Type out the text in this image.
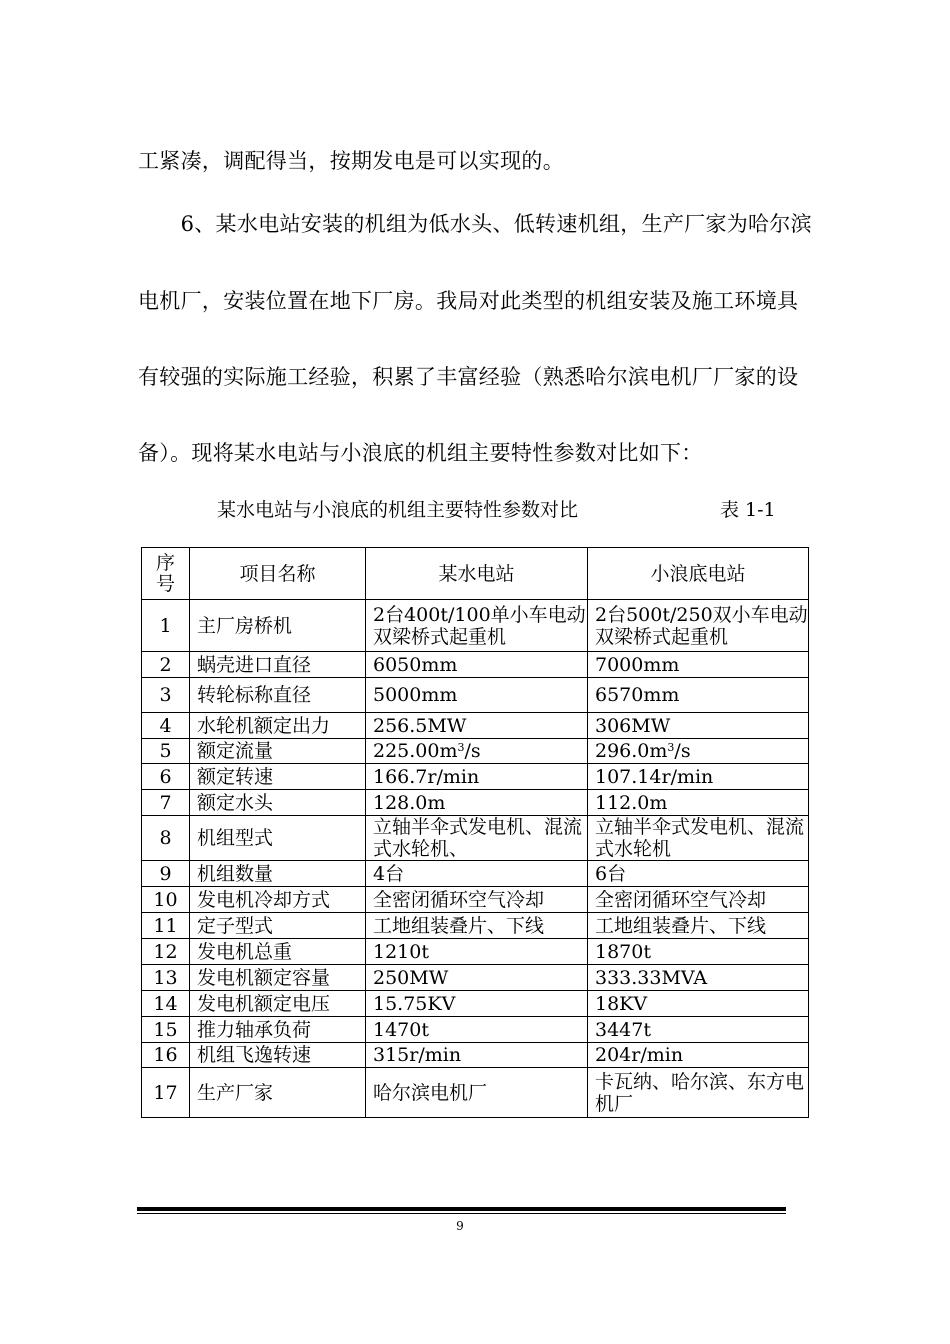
工紧凑，调配得当，按期发电是可以实现的。
　　6、某水电站安装的机组为低水头、低转速机组，生产厂家为哈尔滨
电机厂，安装位置在地下厂房。我局对此类型的机组安装及施工环境具
有较强的实际施工经验，积累了丰富经验（熟悉哈尔滨电机厂厂家的设
备）。现将某水电站与小浪底的机组主要特性参数对比如下：
某水电站与小浪底的机组主要特性参数对比	表 1-1
序号	项目名称	某水电站	小浪底电站
1	主厂房桥机	2台400t/100单小车电动双梁桥式起重机	2台500t/250双小车电动双梁桥式起重机
2	蜗壳进口直径	6050mm	7000mm
3	转轮标称直径	5000mm	6570mm
4	水轮机额定出力	256.5MW	306MW
5	额定流量	$225.00m^3/s$	$296.0m^3/s$
6	额定转速	166.7r/min	107.14r/min
7	额定水头	128.0m	112.0m
8	机组型式	立轴半伞式发电机、混流式水轮机、	立轴半伞式发电机、混流式水轮机
9	机组数量	4台	6台
10	发电机冷却方式	全密闭循环空气冷却	全密闭循环空气冷却
11	定子型式	工地组装叠片、下线	工地组装叠片、下线
12	发电机总重	1210t	1870t
13	发电机额定容量	250MW	333.33MVA
14	发电机额定电压	15.75KV	18KV
15	推力轴承负荷	1470t	3447t
16	机组飞逸转速	315r/min	204r/min
17	生产厂家	哈尔滨电机厂	卡瓦纳、哈尔滨、东方电机厂
9
